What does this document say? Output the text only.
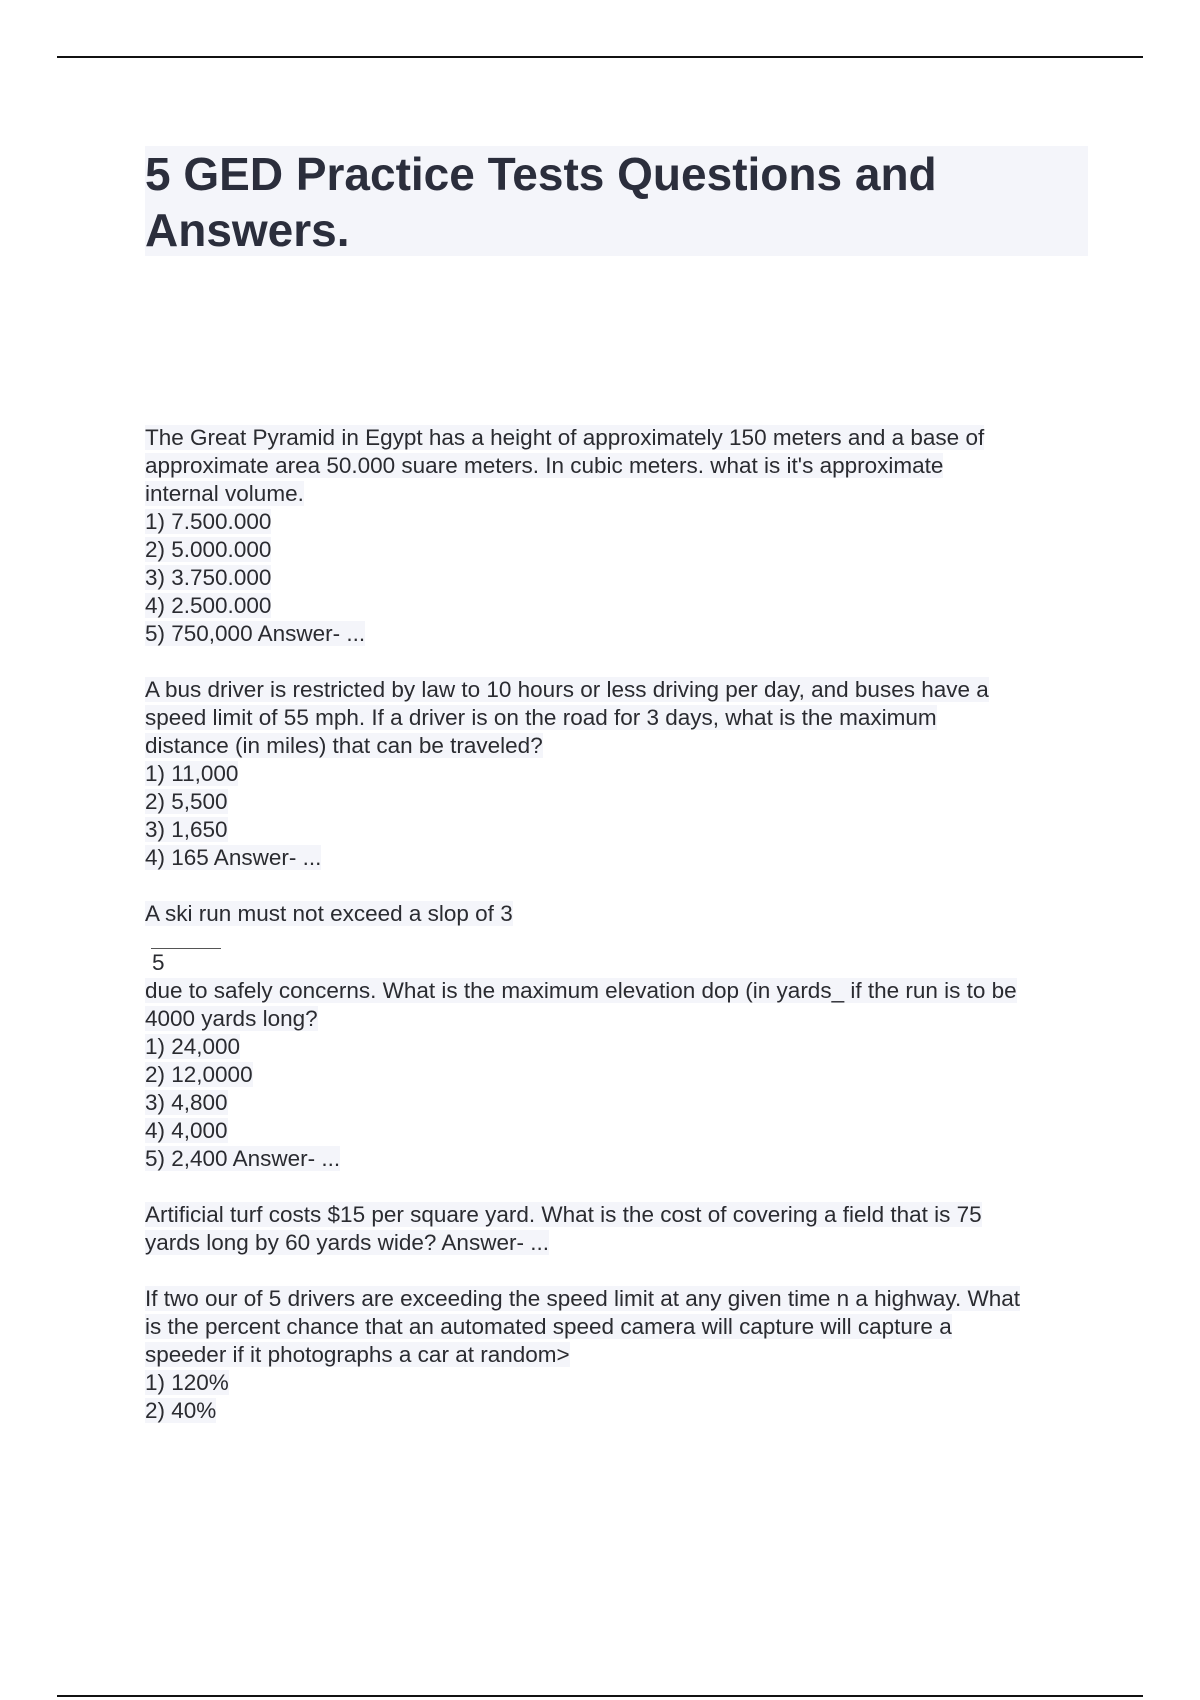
5 GED Practice Tests Questions and Answers.
The Great Pyramid in Egypt has a height of approximately 150 meters and a base of
approximate area 50.000 suare meters. In cubic meters. what is it's approximate
internal volume.
1) 7.500.000
2) 5.000.000
3) 3.750.000
4) 2.500.000
5) 750,000 Answer- ...
A bus driver is restricted by law to 10 hours or less driving per day, and buses have a
speed limit of 55 mph. If a driver is on the road for 3 days, what is the maximum
distance (in miles) that can be traveled?
1) 11,000
2) 5,500
3) 1,650
4) 165 Answer- ...
A ski run must not exceed a slop of 3
5
due to safely concerns. What is the maximum elevation dop (in yards_ if the run is to be
4000 yards long?
1) 24,000
2) 12,0000
3) 4,800
4) 4,000
5) 2,400 Answer- ...
Artificial turf costs $15 per square yard. What is the cost of covering a field that is 75
yards long by 60 yards wide? Answer- ...
If two our of 5 drivers are exceeding the speed limit at any given time n a highway. What
is the percent chance that an automated speed camera will capture will capture a
speeder if it photographs a car at random>
1) 120%
2) 40%
